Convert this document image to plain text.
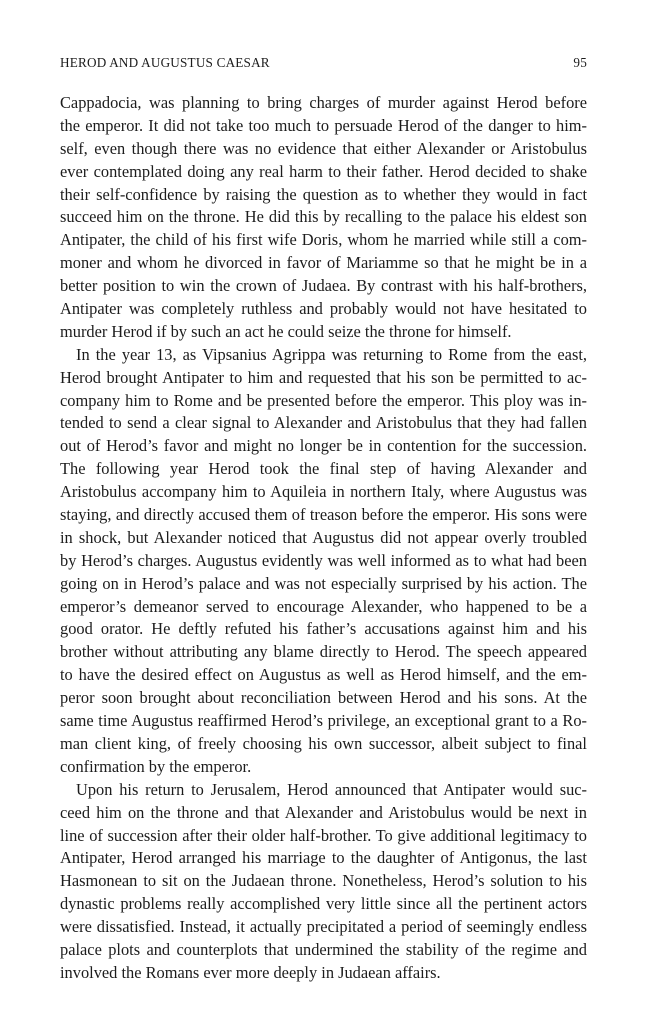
HEROD AND AUGUSTUS CAESAR	95
Cappadocia, was planning to bring charges of murder against Herod before
the emperor. It did not take too much to persuade Herod of the danger to him-
self, even though there was no evidence that either Alexander or Aristobulus
ever contemplated doing any real harm to their father. Herod decided to shake
their self-confidence by raising the question as to whether they would in fact
succeed him on the throne. He did this by recalling to the palace his eldest son
Antipater, the child of his first wife Doris, whom he married while still a com-
moner and whom he divorced in favor of Mariamme so that he might be in a
better position to win the crown of Judaea. By contrast with his half-brothers,
Antipater was completely ruthless and probably would not have hesitated to
murder Herod if by such an act he could seize the throne for himself.
In the year 13, as Vipsanius Agrippa was returning to Rome from the east,
Herod brought Antipater to him and requested that his son be permitted to ac-
company him to Rome and be presented before the emperor. This ploy was in-
tended to send a clear signal to Alexander and Aristobulus that they had fallen
out of Herod’s favor and might no longer be in contention for the succession.
The following year Herod took the final step of having Alexander and
Aristobulus accompany him to Aquileia in northern Italy, where Augustus was
staying, and directly accused them of treason before the emperor. His sons were
in shock, but Alexander noticed that Augustus did not appear overly troubled
by Herod’s charges. Augustus evidently was well informed as to what had been
going on in Herod’s palace and was not especially surprised by his action. The
emperor’s demeanor served to encourage Alexander, who happened to be a
good orator. He deftly refuted his father’s accusations against him and his
brother without attributing any blame directly to Herod. The speech appeared
to have the desired effect on Augustus as well as Herod himself, and the em-
peror soon brought about reconciliation between Herod and his sons. At the
same time Augustus reaffirmed Herod’s privilege, an exceptional grant to a Ro-
man client king, of freely choosing his own successor, albeit subject to final
confirmation by the emperor.
Upon his return to Jerusalem, Herod announced that Antipater would suc-
ceed him on the throne and that Alexander and Aristobulus would be next in
line of succession after their older half-brother. To give additional legitimacy to
Antipater, Herod arranged his marriage to the daughter of Antigonus, the last
Hasmonean to sit on the Judaean throne. Nonetheless, Herod’s solution to his
dynastic problems really accomplished very little since all the pertinent actors
were dissatisfied. Instead, it actually precipitated a period of seemingly endless
palace plots and counterplots that undermined the stability of the regime and
involved the Romans ever more deeply in Judaean affairs.
